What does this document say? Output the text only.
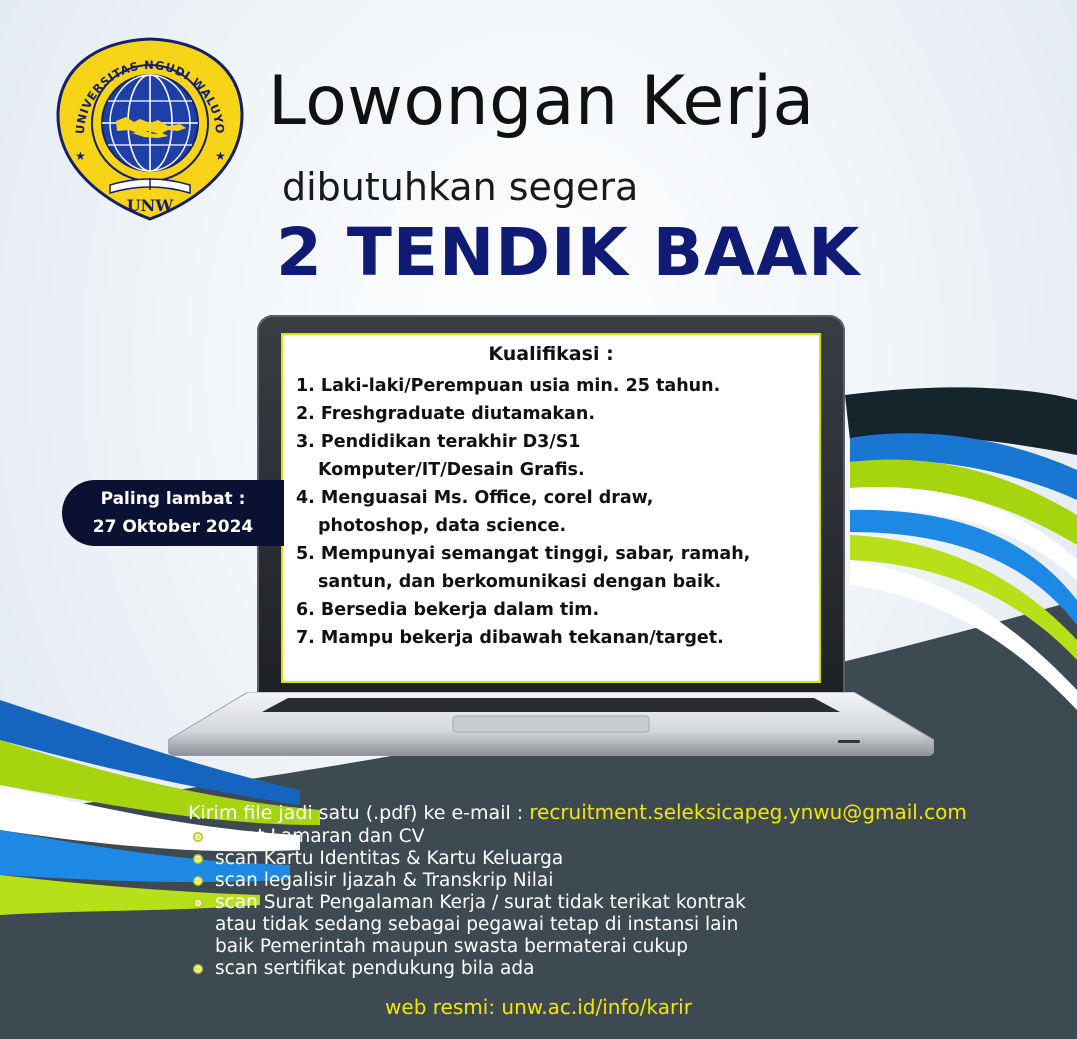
★	★
UNW
UNIVERSITAS NGUDI WALUYO Lowongan Kerja
dibutuhkan segera
2 TENDIK BAAK
Kualifikasi :
1. Laki-laki/Perempuan usia min. 25 tahun.
2. Freshgraduate diutamakan.
3. Pendidikan terakhir D3/S1
Komputer/IT/Desain Grafis.
4. Menguasai Ms. Office, corel draw,
photoshop, data science.
5. Mempunyai semangat tinggi, sabar, ramah,
santun, dan berkomunikasi dengan baik.
6. Bersedia bekerja dalam tim.
7. Mampu bekerja dibawah tekanan/target.
Paling lambat :
27 Oktober 2024
Kirim file jadi satu (.pdf) ke e-mail : recruitment.seleksicapeg.ynwu@gmail.com
Surat Lamaran dan CV
scan Kartu Identitas & Kartu Keluarga
scan legalisir Ijazah & Transkrip Nilai
scan Surat Pengalaman Kerja / surat tidak terikat kontrak
atau tidak sedang sebagai pegawai tetap di instansi lain
baik Pemerintah maupun swasta bermaterai cukup
scan sertifikat pendukung bila ada
web resmi: unw.ac.id/info/karir
